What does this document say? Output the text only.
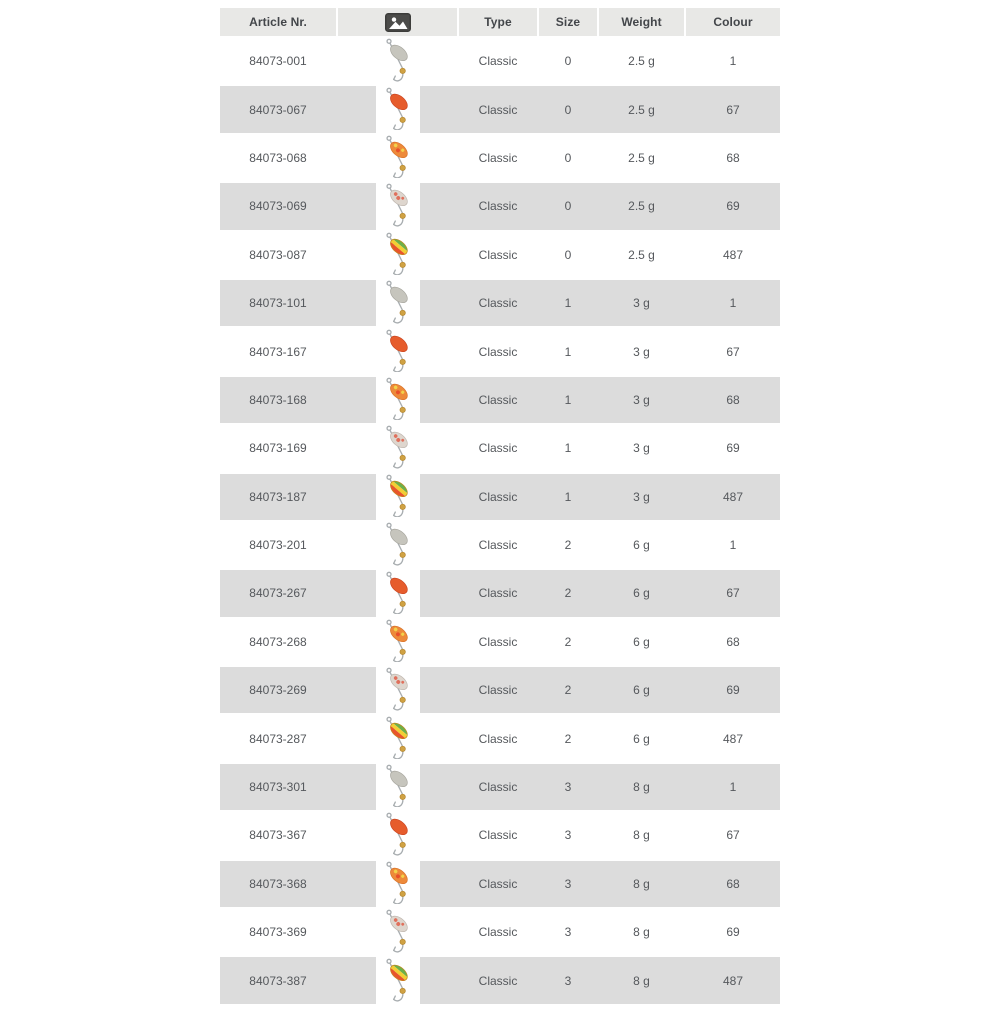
Article Nr.	Type	Size	Weight	Colour
84073-001	Classic	0	2.5 g	1
84073-067	Classic	0	2.5 g	67
84073-068	Classic	0	2.5 g	68
84073-069	Classic	0	2.5 g	69
84073-087	Classic	0	2.5 g	487
84073-101	Classic	1	3 g	1
84073-167	Classic	1	3 g	67
84073-168	Classic	1	3 g	68
84073-169	Classic	1	3 g	69
84073-187	Classic	1	3 g	487
84073-201	Classic	2	6 g	1
84073-267	Classic	2	6 g	67
84073-268	Classic	2	6 g	68
84073-269	Classic	2	6 g	69
84073-287	Classic	2	6 g	487
84073-301	Classic	3	8 g	1
84073-367	Classic	3	8 g	67
84073-368	Classic	3	8 g	68
84073-369	Classic	3	8 g	69
84073-387	Classic	3	8 g	487
